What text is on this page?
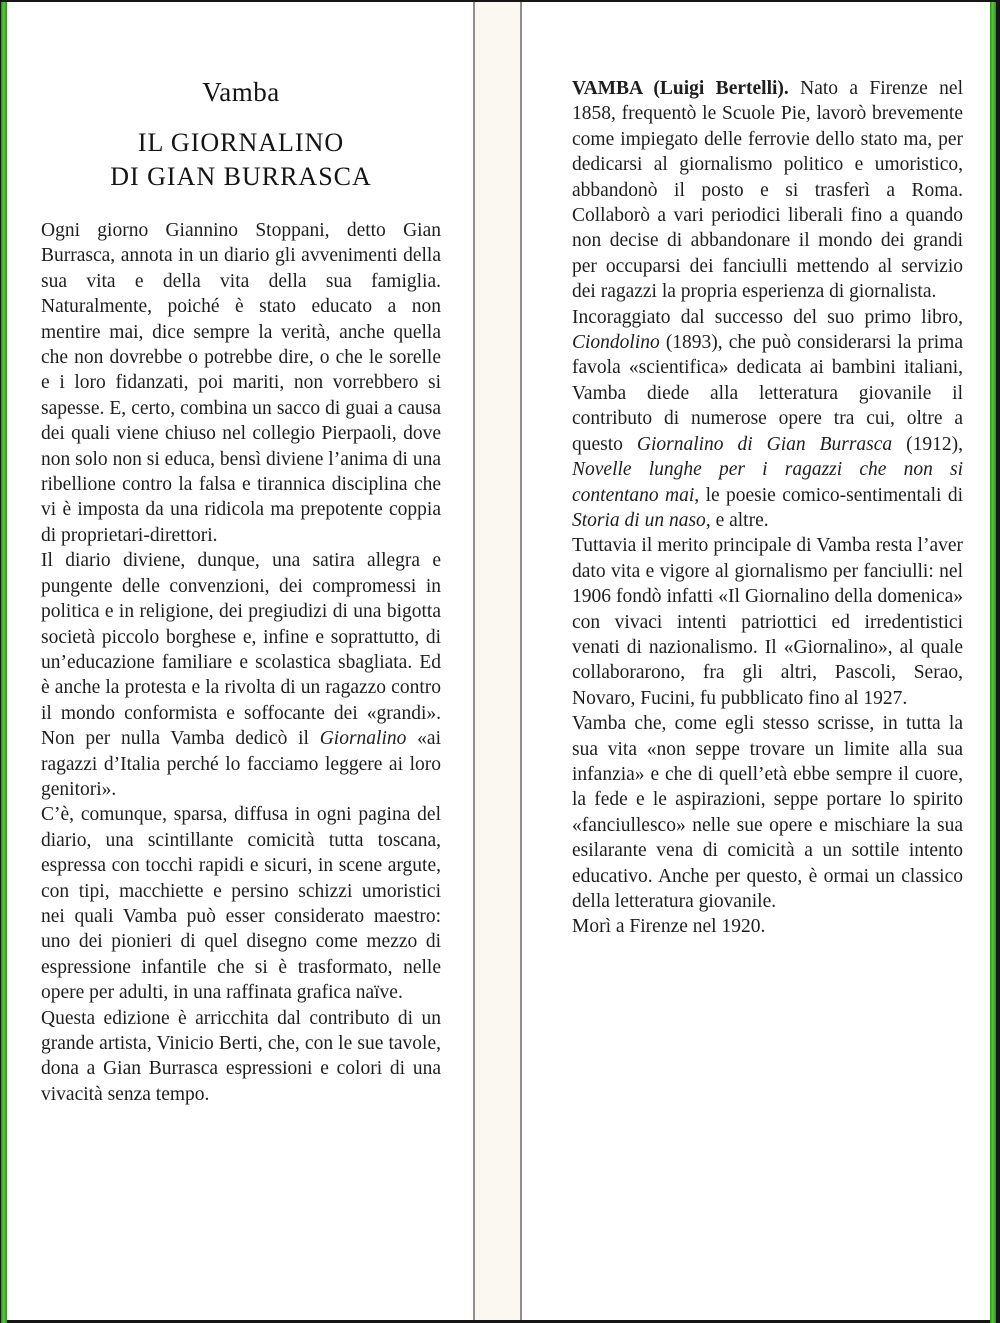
Vamba
IL GIORNALINO
DI GIAN BURRASCA

Ogni giorno Giannino Stoppani, detto Gian Burrasca, annota in un diario gli avvenimenti della sua vita e della vita della sua famiglia. Naturalmente, poiché è stato educato a non mentire mai, dice sempre la verità, anche quella che non dovrebbe o potrebbe dire, o che le sorelle e i loro fidanzati, poi mariti, non vorrebbero si sapesse. E, certo, combina un sacco di guai a causa dei quali viene chiuso nel collegio Pierpaoli, dove non solo non si educa, bensì diviene l’anima di una ribellione contro la falsa e tirannica disciplina che vi è imposta da una ridicola ma prepotente coppia di proprietari-direttori.

Il diario diviene, dunque, una satira allegra e pungente delle convenzioni, dei compromessi in politica e in religione, dei pregiudizi di una bigotta società piccolo borghese e, infine e soprattutto, di un’educazione familiare e scolastica sbagliata. Ed è anche la protesta e la rivolta di un ragazzo contro il mondo conformista e soffocante dei «grandi». Non per nulla Vamba dedicò il Giornalino «ai ragazzi d’Italia perché lo facciamo leggere ai loro genitori».

C’è, comunque, sparsa, diffusa in ogni pagina del diario, una scintillante comicità tutta toscana, espressa con tocchi rapidi e sicuri, in scene argute, con tipi, macchiette e persino schizzi umoristici nei quali Vamba può esser considerato maestro: uno dei pionieri di quel disegno come mezzo di espressione infantile che si è trasformato, nelle opere per adulti, in una raffinata grafica naïve.

Questa edizione è arricchita dal contributo di un grande artista, Vinicio Berti, che, con le sue tavole, dona a Gian Burrasca espressioni e colori di una vivacità senza tempo.

VAMBA (Luigi Bertelli). Nato a Firenze nel 1858, frequentò le Scuole Pie, lavorò brevemente come impiegato delle ferrovie dello stato ma, per dedicarsi al giornalismo politico e umoristico, abbandonò il posto e si trasferì a Roma. Collaborò a vari periodici liberali fino a quando non decise di abbandonare il mondo dei grandi per occuparsi dei fanciulli mettendo al servizio dei ragazzi la propria esperienza di giornalista.

Incoraggiato dal successo del suo primo libro, Ciondolino (1893), che può considerarsi la prima favola «scientifica» dedicata ai bambini italiani, Vamba diede alla letteratura giovanile il contributo di numerose opere tra cui, oltre a questo Giornalino di Gian Burrasca (1912), Novelle lunghe per i ragazzi che non si contentano mai, le poesie comico-sentimentali di Storia di un naso, e altre.

Tuttavia il merito principale di Vamba resta l’aver dato vita e vigore al giornalismo per fanciulli: nel 1906 fondò infatti «Il Giornalino della domenica» con vivaci intenti patriottici ed irredentistici venati di nazionalismo. Il «Giornalino», al quale collaborarono, fra gli altri, Pascoli, Serao, Novaro, Fucini, fu pubblicato fino al 1927.

Vamba che, come egli stesso scrisse, in tutta la sua vita «non seppe trovare un limite alla sua infanzia» e che di quell’età ebbe sempre il cuore, la fede e le aspirazioni, seppe portare lo spirito «fanciullesco» nelle sue opere e mischiare la sua esilarante vena di comicità a un sottile intento educativo. Anche per questo, è ormai un classico della letteratura giovanile.

Morì a Firenze nel 1920.
